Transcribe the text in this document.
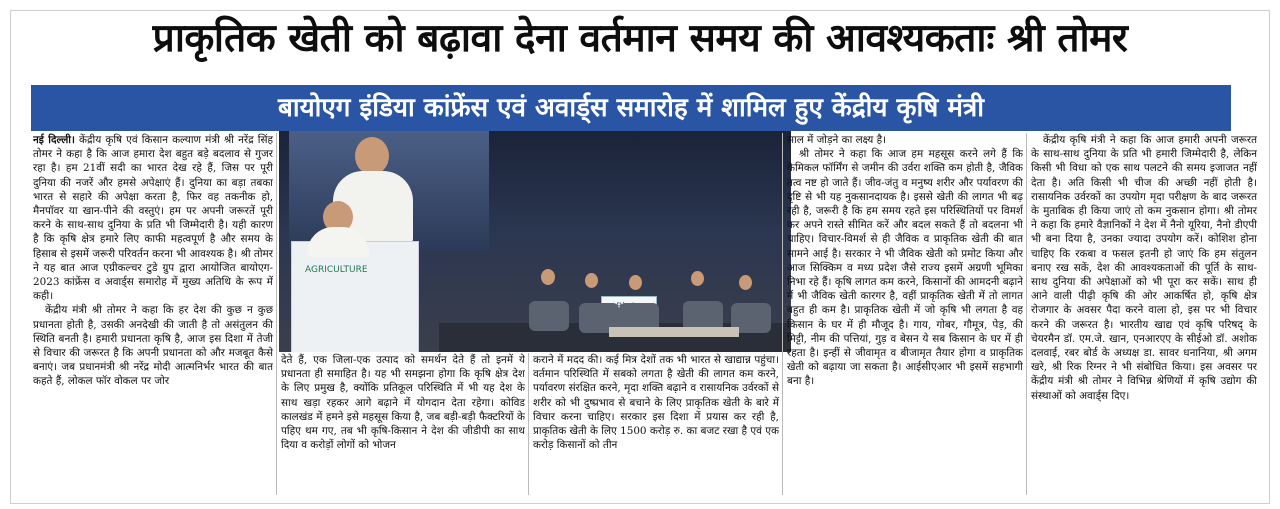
प्राकृतिक खेती को बढ़ावा देना वर्तमान समय की आवश्यकताः श्री तोमर
बायोएग इंडिया कांफ्रेंस एवं अवार्ड्स समारोह में शामिल हुए केंद्रीय कृषि मंत्री

नई दिल्ली। केंद्रीय कृषि एवं किसान कल्याण मंत्री श्री नरेंद्र सिंह तोमर ने कहा है कि आज हमारा देश बहुत बड़े बदलाव से गुजर रहा है। हम 21वीं सदी का भारत देख रहे हैं, जिस पर पूरी दुनिया की नजरें और हमसे अपेक्षाएं हैं। दुनिया का बड़ा तबका भारत से सहारे की अपेक्षा करता है, फिर वह तकनीक हो, मैनपॉवर या खान-पीने की वस्तुएं। हम पर अपनी जरूरतें पूरी करने के साथ-साथ दुनिया के प्रति भी जिम्मेदारी है। यही कारण है कि कृषि क्षेत्र हमारे लिए काफी महत्वपूर्ण है और समय के हिसाब से इसमें जरूरी परिवर्तन करना भी आवश्यक है। श्री तोमर ने यह बात आज एग्रीकल्चर टुडे ग्रुप द्वारा आयोजित बायोएग- 2023 कांफ्रेंस व अवार्ड्स समारोह में मुख्य अतिथि के रूप में कही।

केंद्रीय मंत्री श्री तोमर ने कहा कि हर देश की कुछ न कुछ प्रधानता होती है, उसकी अनदेखी की जाती है तो असंतुलन की स्थिति बनती है। हमारी प्रधानता कृषि है, आज इस दिशा में तेजी से विचार की जरूरत है कि अपनी प्रधानता को और मजबूत कैसे बनाएं। जब प्रधानमंत्री श्री नरेंद्र मोदी आत्मनिर्भर भारत की बात कहते हैं, लोकल फॉर वोकल पर जोर

AGRICULTURE

देते हैं, एक जिला-एक उत्पाद को समर्थन देते हैं तो इनमें ये प्रधानता ही समाहित है। यह भी समझना होगा कि कृषि क्षेत्र देश के लिए प्रमुख है, क्योंकि प्रतिकूल परिस्थिति में भी यह देश के साथ खड़ा रहकर आगे बढ़ाने में योगदान देता रहेगा। कोविड कालखंड में हमने इसे महसूस किया है, जब बड़ी-बड़ी फैक्टरियों के पहिए थम गए, तब भी कृषि-किसान ने देश की जीडीपी का साथ दिया व करोड़ों लोगों को भोजन

कराने में मदद की। कई मित्र देशों तक भी भारत से खाद्यान्न पहुंचा। वर्तमान परिस्थिति में सबको लगता है खेती की लागत कम करने, पर्यावरण संरक्षित करने, मृदा शक्ति बढ़ाने व रासायनिक उर्वरकों से शरीर को भी दुष्प्रभाव से बचाने के लिए प्राकृतिक खेती के बारे में विचार करना चाहिए। सरकार इस दिशा में प्रयास कर रही है, प्राकृतिक खेती के लिए 1500 करोड़ रु. का बजट रखा है एवं एक करोड़ किसानों को तीन

साल में जोड़ने का लक्ष्य है।

श्री तोमर ने कहा कि आज हम महसूस करने लगे हैं कि केमिकल फॉर्मिंग से जमीन की उर्वरा शक्ति कम होती है, जैविक तत्व नष्ट हो जाते हैं। जीव-जंतु व मनुष्य शरीर और पर्यावरण की दृष्टि से भी यह नुकसानदायक है। इससे खेती की लागत भी बढ़ रही है, जरूरी है कि हम समय रहते इस परिस्थितियों पर विमर्श कर अपने रास्ते सीमित करें और बदल सकते हैं तो बदलना भी चाहिए। विचार-विमर्श से ही जैविक व प्राकृतिक खेती की बात सामने आई है। सरकार ने भी जैविक खेती को प्रमोट किया और आज सिक्किम व मध्य प्रदेश जैसे राज्य इसमें अग्रणी भूमिका निभा रहे हैं। कृषि लागत कम करने, किसानों की आमदनी बढ़ाने में भी जैविक खेती कारगर है, वहीं प्राकृतिक खेती में तो लागत बहुत ही कम है। प्राकृतिक खेती में जो कृषि भी लगता है वह किसान के घर में ही मौजूद है। गाय, गोबर, गौमूत्र, पेड़, की मिट्टी, नीम की पत्तियां, गुड़ व बेसन ये सब किसान के घर में ही रहता है। इन्हीं से जीवामृत व बीजामृत तैयार होगा व प्राकृतिक खेती को बढ़ाया जा सकता है। आईसीएआर भी इसमें सहभागी बना है।

केंद्रीय कृषि मंत्री ने कहा कि आज हमारी अपनी जरूरत के साथ-साथ दुनिया के प्रति भी हमारी जिम्मेदारी है, लेकिन किसी भी विधा को एक साथ पलटने की समय इजाजत नहीं देता है। अति किसी भी चीज की अच्छी नहीं होती है। रासायनिक उर्वरकों का उपयोग मृदा परीक्षण के बाद जरूरत के मुताबिक ही किया जाएं तो कम नुकसान होगा। श्री तोमर ने कहा कि हमारे वैज्ञानिकों ने देश में नैनो यूरिया, नैनो डीएपी भी बना दिया है, उनका ज्यादा उपयोग करें। कोशिश होना चाहिए कि रकबा व फसल इतनी हो जाएं कि हम संतुलन बनाए रख सकें, देश की आवश्यकताओं की पूर्ति के साथ-साथ दुनिया की अपेक्षाओं को भी पूरा कर सकें। साथ ही आने वाली पीढ़ी कृषि की ओर आकर्षित हो, कृषि क्षेत्र रोजगार के अवसर पैदा करने वाला हो, इस पर भी विचार करने की जरूरत है। भारतीय खाद्य एवं कृषि परिषद् के चेयरमैन डॉ. एम.जे. खान, एनआरएए के सीईओ डॉ. अशोक दलवाई, रबर बोर्ड के अध्यक्ष डा. सावर धनानिया, श्री अगम खरे, श्री रिक रिग्नर ने भी संबोधित किया। इस अवसर पर केंद्रीय मंत्री श्री तोमर ने विभिन्न श्रेणियों में कृषि उद्योग की संस्थाओं को अवार्ड्स दिए।
